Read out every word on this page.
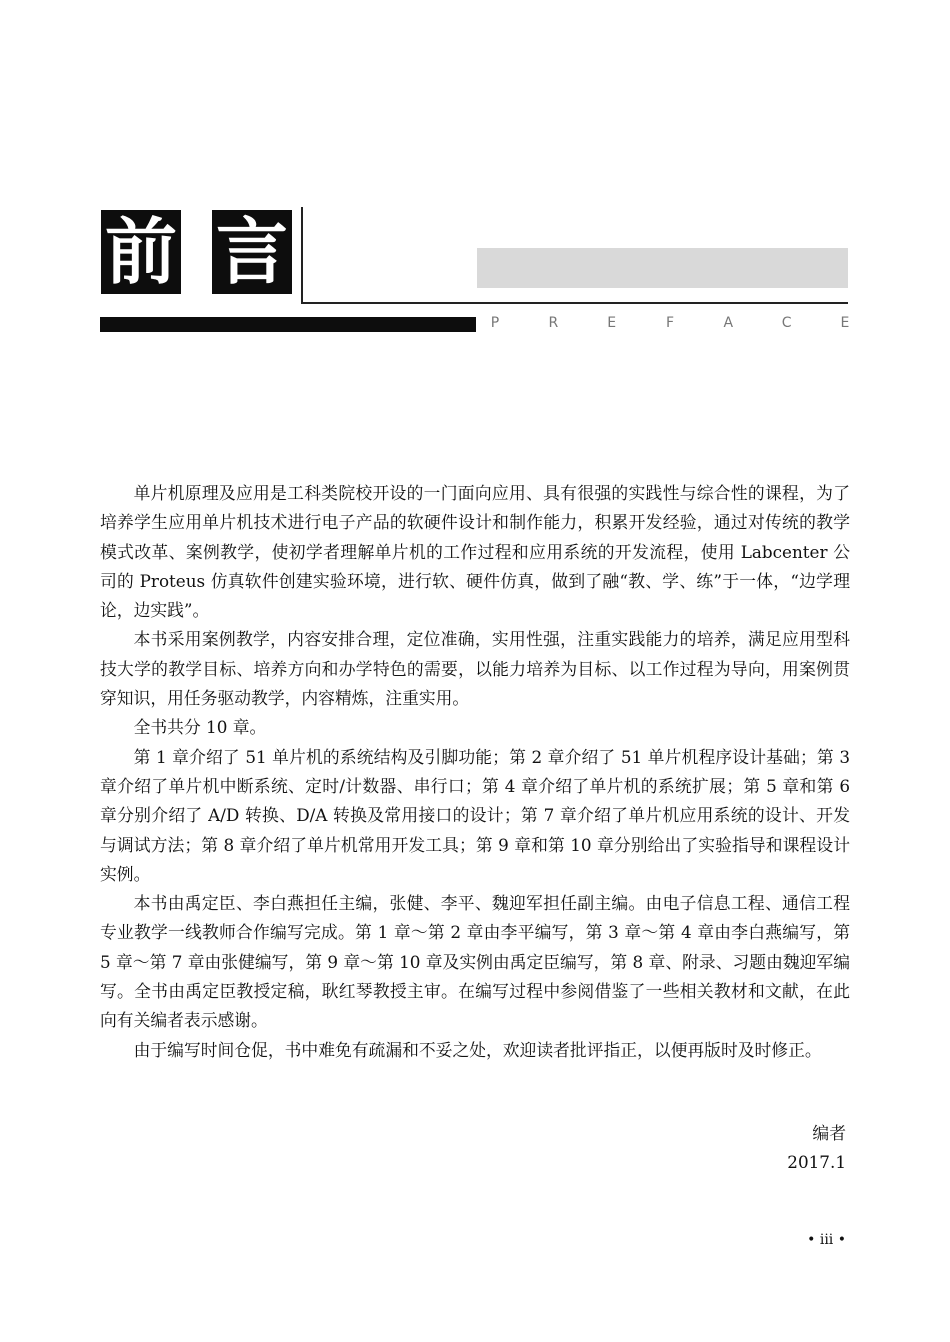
前 言
P	R	E	F	A	C	E

单片机原理及应用是工科类院校开设的一门面向应用、具有很强的实践性与综合性的课程，为了培养学生应用单片机技术进行电子产品的软硬件设计和制作能力，积累开发经验，通过对传统的教学模式改革、案例教学，使初学者理解单片机的工作过程和应用系统的开发流程，使用 Labcenter 公司的 Proteus 仿真软件创建实验环境，进行软、硬件仿真，做到了融“教、学、练”于一体，“边学理论，边实践”。

本书采用案例教学，内容安排合理，定位准确，实用性强，注重实践能力的培养，满足应用型科技大学的教学目标、培养方向和办学特色的需要，以能力培养为目标、以工作过程为导向，用案例贯穿知识，用任务驱动教学，内容精炼，注重实用。

全书共分 10 章。

第 1 章介绍了 51 单片机的系统结构及引脚功能；第 2 章介绍了 51 单片机程序设计基础；第 3 章介绍了单片机中断系统、定时/计数器、串行口；第 4 章介绍了单片机的系统扩展；第 5 章和第 6 章分别介绍了 A/D 转换、D/A 转换及常用接口的设计；第 7 章介绍了单片机应用系统的设计、开发与调试方法；第 8 章介绍了单片机常用开发工具；第 9 章和第 10 章分别给出了实验指导和课程设计实例。

本书由禹定臣、李白燕担任主编，张健、李平、魏迎军担任副主编。由电子信息工程、通信工程专业教学一线教师合作编写完成。第 1 章～第 2 章由李平编写，第 3 章～第 4 章由李白燕编写，第 5 章～第 7 章由张健编写，第 9 章～第 10 章及实例由禹定臣编写，第 8 章、附录、习题由魏迎军编写。全书由禹定臣教授定稿，耿红琴教授主审。在编写过程中参阅借鉴了一些相关教材和文献，在此向有关编者表示感谢。

由于编写时间仓促，书中难免有疏漏和不妥之处，欢迎读者批评指正，以便再版时及时修正。

编者
2017.1
• iii •
